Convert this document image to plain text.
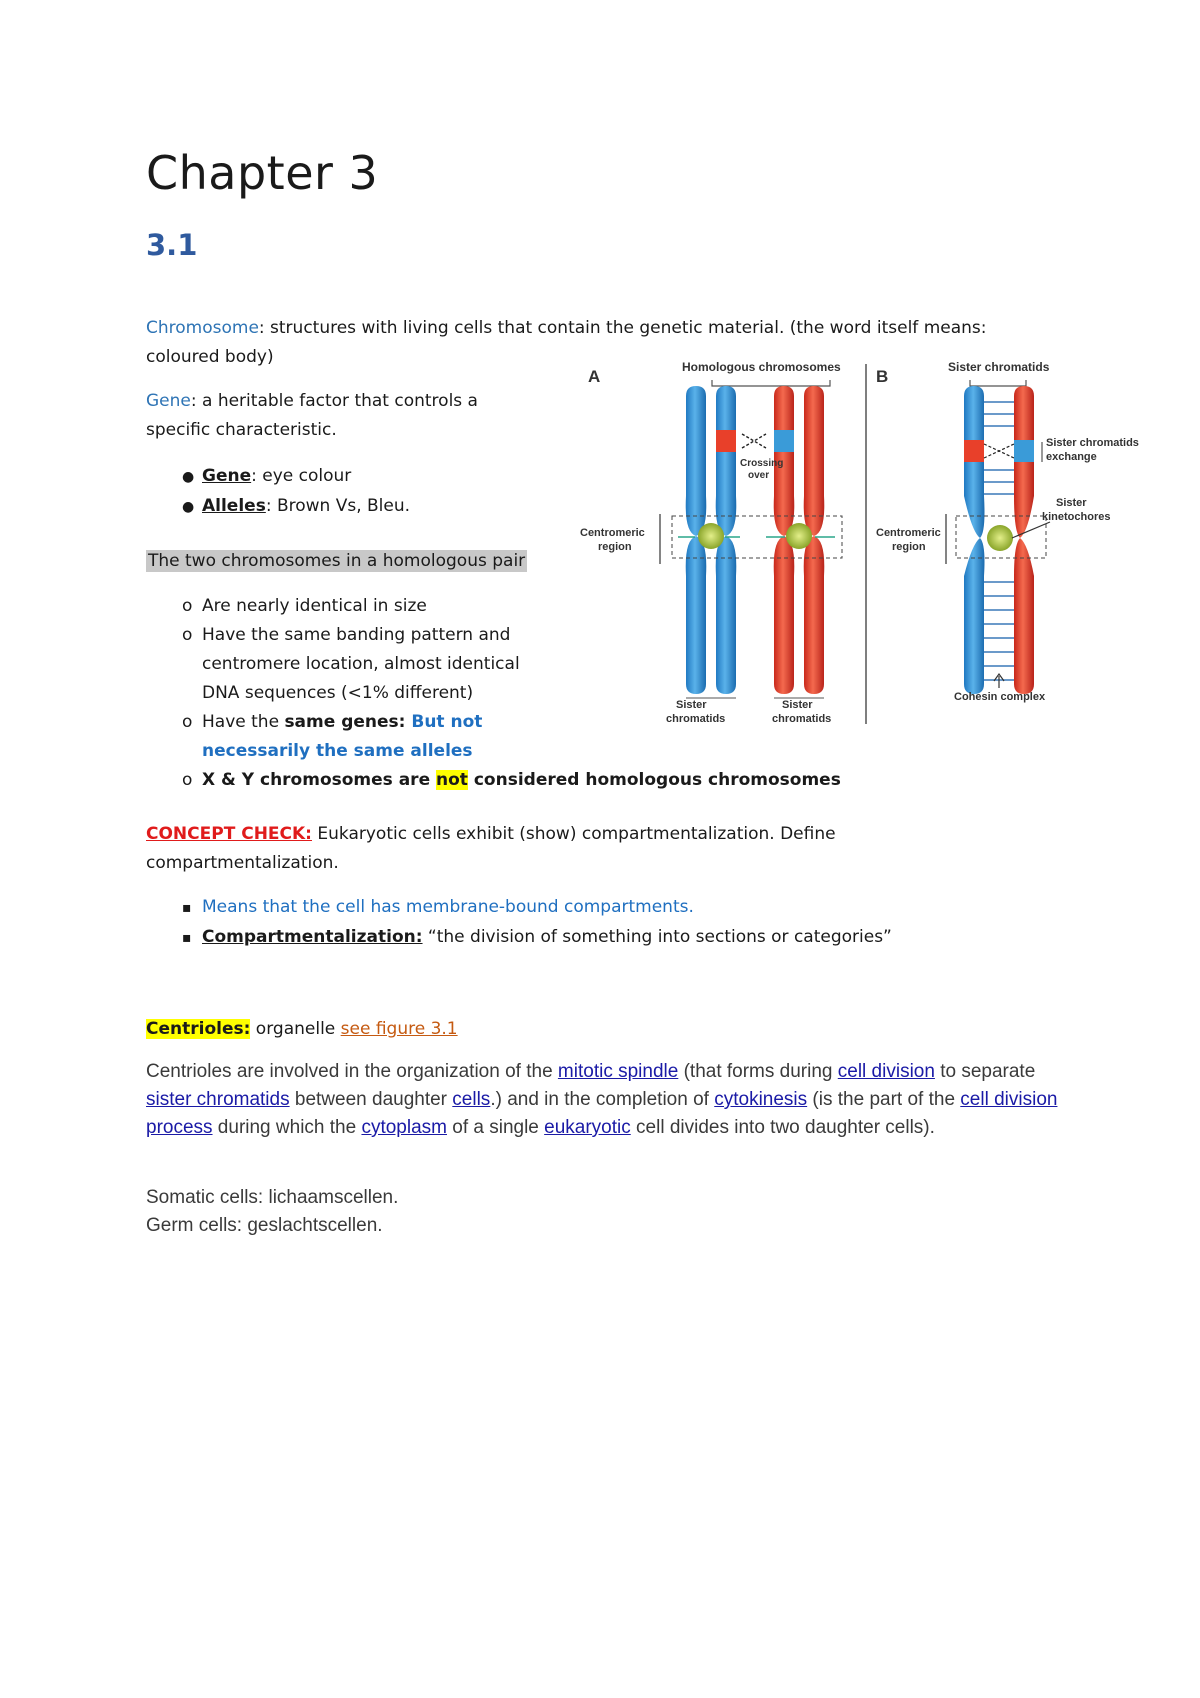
Chapter 3
3.1
Chromosome: structures with living cells that contain the genetic material. (the word itself means:
coloured body)
Gene: a heritable factor that controls a
specific characteristic.
● Gene: eye colour
● Alleles: Brown Vs, Bleu.
The two chromosomes in a homologous pair
o Are nearly identical in size
o Have the same banding pattern and
centromere location, almost identical
DNA sequences (<1% different)
o Have the same genes: But not
necessarily the same alleles
o X & Y chromosomes are not considered homologous chromosomes
CONCEPT CHECK: Eukaryotic cells exhibit (show) compartmentalization. Define
compartmentalization.
▪ Means that the cell has membrane-bound compartments.
▪ Compartmentalization: “the division of something into sections or categories”
Centrioles: organelle see figure 3.1
Centrioles are involved in the organization of the mitotic spindle (that forms during cell division to separate sister chromatids between daughter cells.) and in the completion of cytokinesis (is the part of the cell division process during which the cytoplasm of a single eukaryotic cell divides into two daughter cells).
Somatic cells: lichaamscellen.
Germ cells: geslachtscellen.
A	Homologous chromosomes
Crossing
over
Centromeric
region
Sister
chromatids
Sister
chromatids
B	Sister chromatids
Centromeric
region
Sister chromatids
exchange
Sister
kinetochores
Cohesin complex
